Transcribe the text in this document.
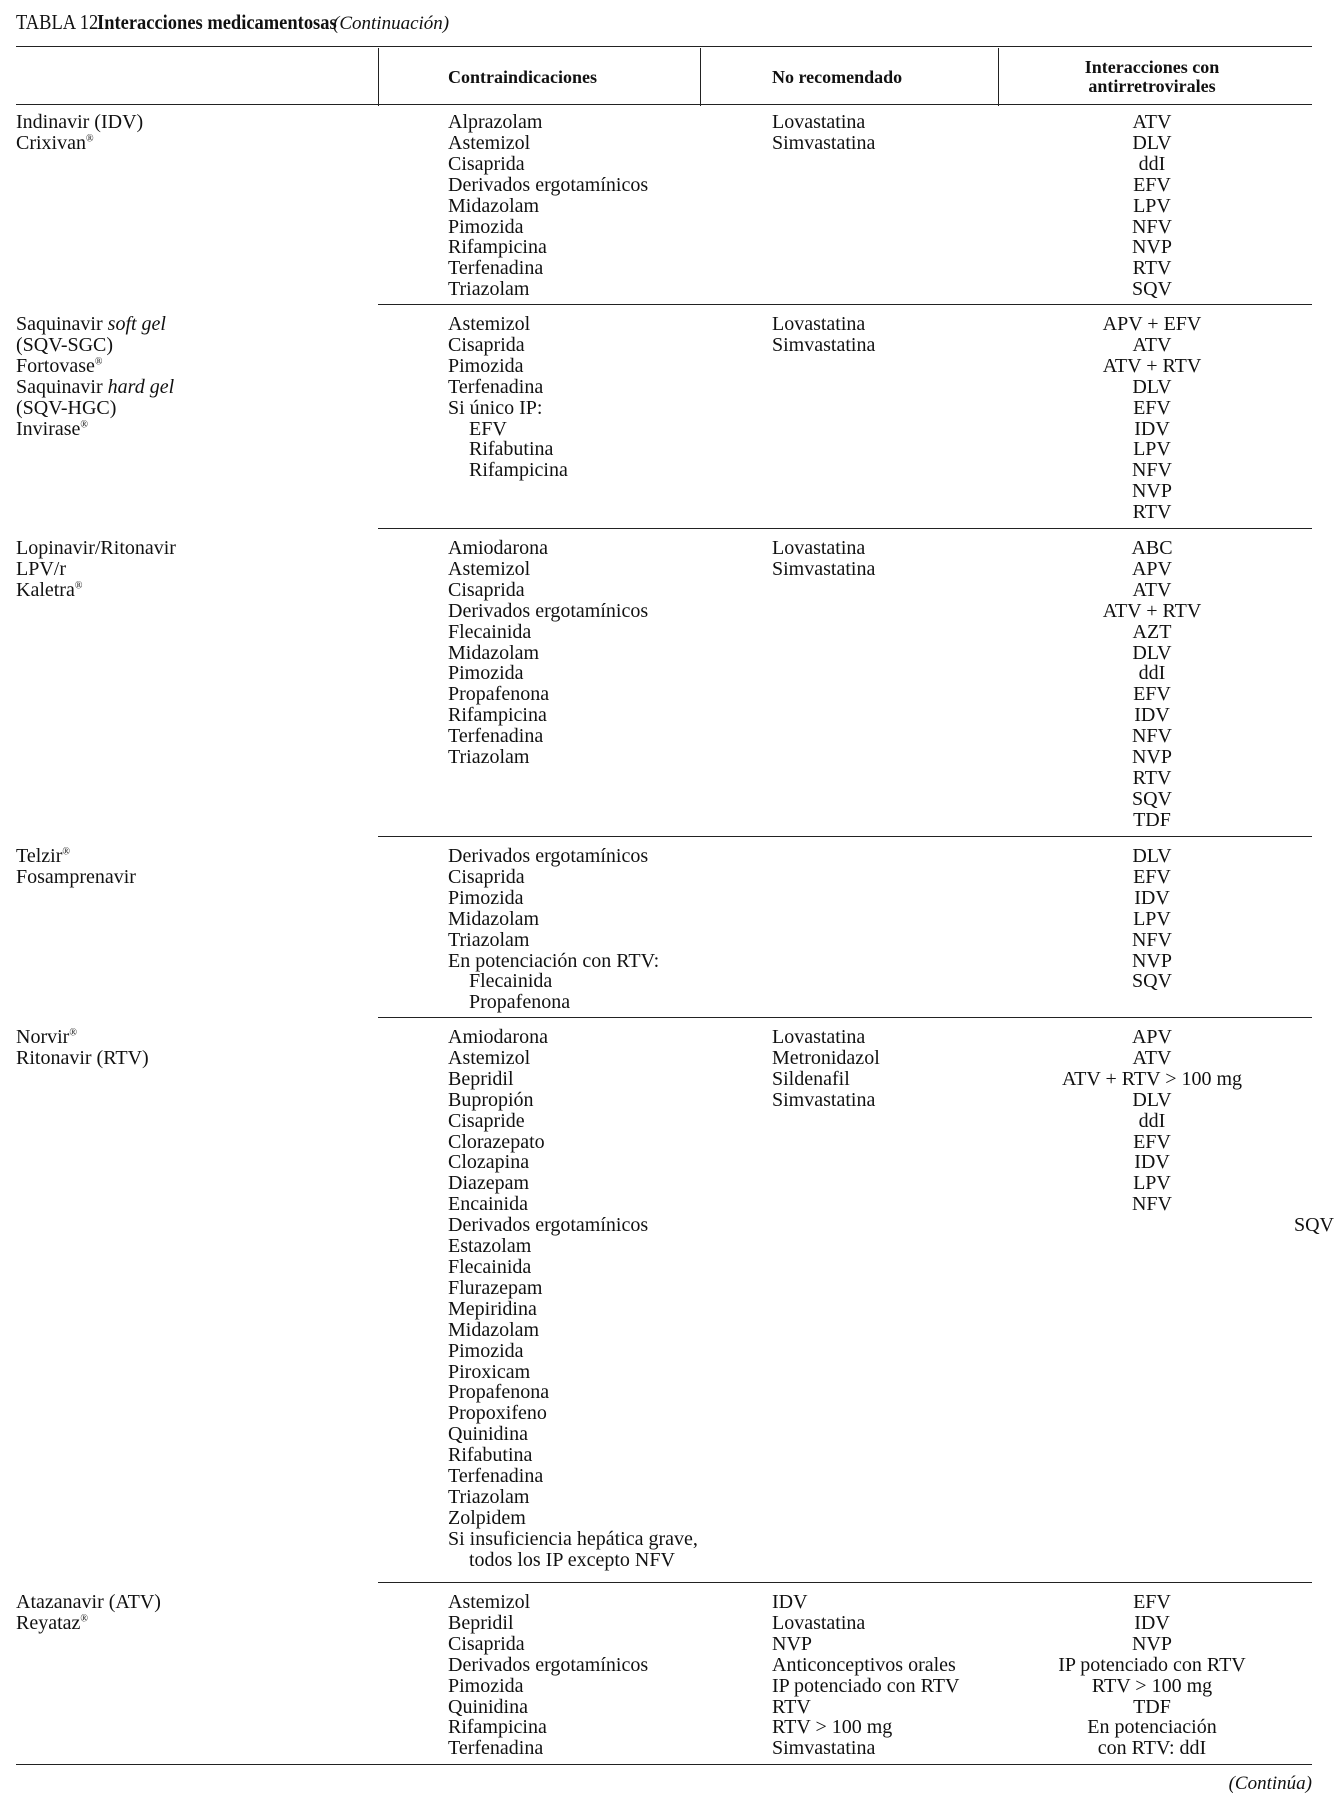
TABLA 12. Interacciones medicamentosas (Continuación)
Contraindicaciones	No recomendado	Interacciones con
antirretrovirales
Indinavir (IDV)
Crixivan®
Alprazolam
Astemizol
Cisaprida
Derivados ergotamínicos
Midazolam
Pimozida
Rifampicina
Terfenadina
Triazolam
Lovastatina
Simvastatina
ATV
DLV
ddI
EFV
LPV
NFV
NVP
RTV
SQV
Saquinavir soft gel
(SQV-SGC)
Fortovase®
Saquinavir hard gel
(SQV-HGC)
Invirase®
Astemizol
Cisaprida
Pimozida
Terfenadina
Si único IP:
EFV
Rifabutina
Rifampicina
Lovastatina
Simvastatina
APV + EFV
ATV
ATV + RTV
DLV
EFV
IDV
LPV
NFV
NVP
RTV
Lopinavir/Ritonavir
LPV/r
Kaletra®
Amiodarona
Astemizol
Cisaprida
Derivados ergotamínicos
Flecainida
Midazolam
Pimozida
Propafenona
Rifampicina
Terfenadina
Triazolam
Lovastatina
Simvastatina
ABC
APV
ATV
ATV + RTV
AZT
DLV
ddI
EFV
IDV
NFV
NVP
RTV
SQV
TDF
Telzir®
Fosamprenavir
Derivados ergotamínicos
Cisaprida
Pimozida
Midazolam
Triazolam
En potenciación con RTV:
Flecainida
Propafenona
DLV
EFV
IDV
LPV
NFV
NVP
SQV
Norvir®
Ritonavir (RTV)
Amiodarona
Astemizol
Bepridil
Bupropión
Cisapride
Clorazepato
Clozapina
Diazepam
Encainida
Derivados ergotamínicos
Estazolam
Flecainida
Flurazepam
Mepiridina
Midazolam
Pimozida
Piroxicam
Propafenona
Propoxifeno
Quinidina
Rifabutina
Terfenadina
Triazolam
Zolpidem
Si insuficiencia hepática grave,
todos los IP excepto NFV
Lovastatina
Metronidazol
Sildenafil
Simvastatina
APV
ATV
ATV + RTV > 100 mg
DLV
ddI
EFV
IDV
LPV
NFV
SQV
Atazanavir (ATV)
Reyataz®
Astemizol
Bepridil
Cisaprida
Derivados ergotamínicos
Pimozida
Quinidina
Rifampicina
Terfenadina
IDV
Lovastatina
NVP
Anticonceptivos orales
IP potenciado con RTV
RTV
RTV > 100 mg
Simvastatina
EFV
IDV
NVP
IP potenciado con RTV
RTV > 100 mg
TDF
En potenciación
con RTV: ddI
(Continúa)
